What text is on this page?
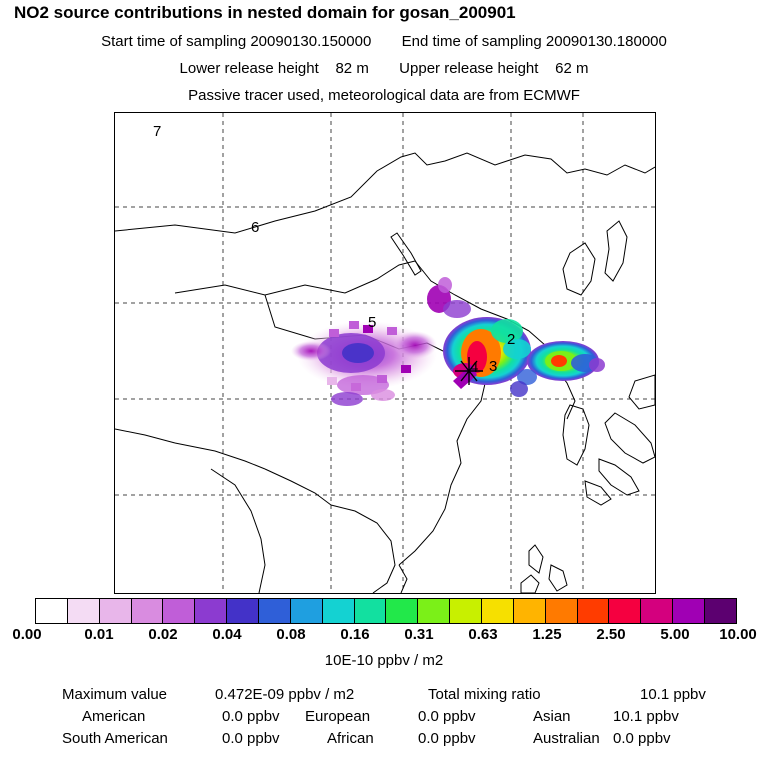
NO2 source contributions in nested domain for gosan_200901
Start time of sampling 20090130.150000 End time of sampling 20090130.180000
Lower release height 82 m Upper release height 62 m
Passive tracer used, meteorological data are from ECMWF
7
6
5
2
3
4
0.00	0.01 0.02 0.04 0.08 0.16 0.31 0.63 1.25 2.50 5.00 10.00
10E-10 ppbv / m2
Maximum value	0.472E-09 ppbv / m2	Total mixing ratio	10.1 ppbv
American	0.0 ppbv European	0.0 ppbv	Asian	10.1 ppbv
South American	0.0 ppbv	African	0.0 ppbv	Australian 0.0 ppbv
